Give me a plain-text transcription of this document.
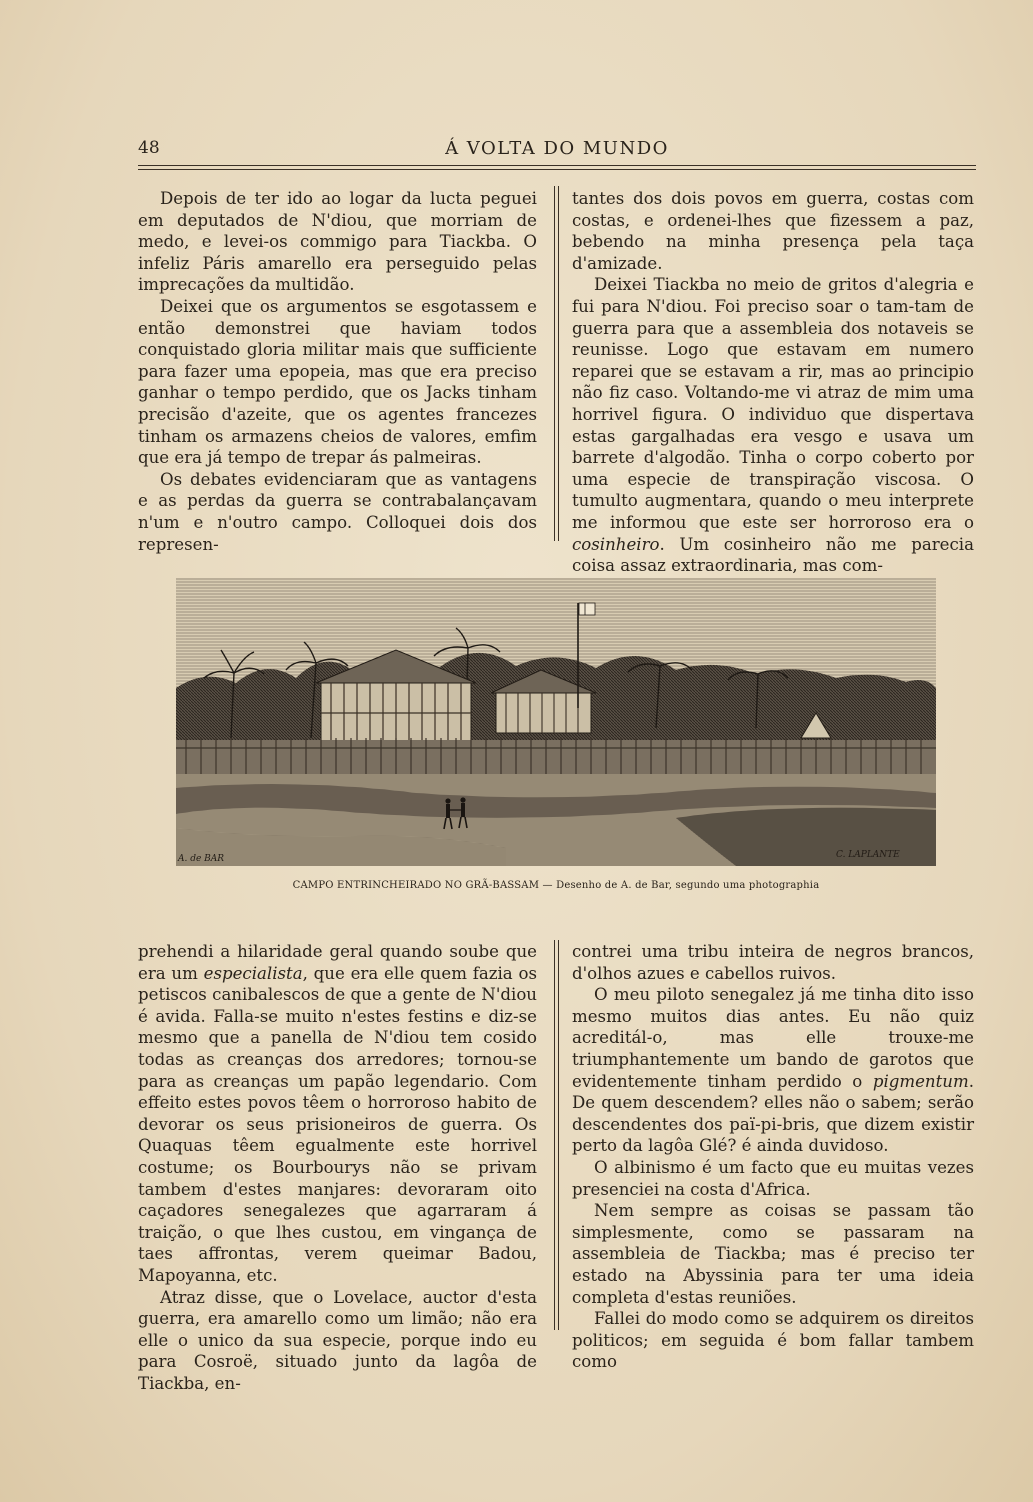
48	Á VOLTA DO MUNDO

Depois de ter ido ao logar da lucta peguei em deputados de N'diou, que morriam de medo, e levei-os commigo para Tiackba. O infeliz Páris amarello era perseguido pelas imprecações da multidão.

Deixei que os argumentos se esgotassem e então demonstrei que haviam todos conquistado gloria militar mais que sufficiente para fazer uma epopeia, mas que era preciso ganhar o tempo perdido, que os Jacks tinham precisão d'azeite, que os agentes francezes tinham os armazens cheios de valores, emfim que era já tempo de trepar ás palmeiras.

Os debates evidenciaram que as vantagens e as perdas da guerra se contrabalançavam n'um e n'outro campo. Colloquei dois dos represen-

tantes dos dois povos em guerra, costas com costas, e ordenei-lhes que fizessem a paz, bebendo na minha presença pela taça d'amizade.

Deixei Tiackba no meio de gritos d'alegria e fui para N'diou. Foi preciso soar o tam-tam de guerra para que a assembleia dos notaveis se reunisse. Logo que estavam em numero reparei que se estavam a rir, mas ao principio não fiz caso. Voltando-me vi atraz de mim uma horrivel figura. O individuo que dispertava estas gargalhadas era vesgo e usava um barrete d'algodão. Tinha o corpo coberto por uma especie de transpiração viscosa. O tumulto augmentara, quando o meu interprete me informou que este ser horroroso era o cosinheiro. Um cosinheiro não me parecia coisa assaz extraordinaria, mas com-

A. de BAR	C. LAPLANTE
CAMPO ENTRINCHEIRADO NO GRÃ-BASSAM — Desenho de A. de Bar, segundo uma photographia

prehendi a hilaridade geral quando soube que era um especialista, que era elle quem fazia os petiscos canibalescos de que a gente de N'diou é avida. Falla-se muito n'estes festins e diz-se mesmo que a panella de N'diou tem cosido todas as creanças dos arredores; tornou-se para as creanças um papão legendario. Com effeito estes povos têem o horroroso habito de devorar os seus prisioneiros de guerra. Os Quaquas têem egualmente este horrivel costume; os Bourbourys não se privam tambem d'estes manjares: devoraram oito caçadores senegalezes que agarraram á traição, o que lhes custou, em vingança de taes affrontas, verem queimar Badou, Mapoyanna, etc.

Atraz disse, que o Lovelace, auctor d'esta guerra, era amarello como um limão; não era elle o unico da sua especie, porque indo eu para Cosroë, situado junto da lagôa de Tiackba, en-

contrei uma tribu inteira de negros brancos, d'olhos azues e cabellos ruivos.

O meu piloto senegalez já me tinha dito isso mesmo muitos dias antes. Eu não quiz acreditál-o, mas elle trouxe-me triumphantemente um bando de garotos que evidentemente tinham perdido o pigmentum. De quem descendem? elles não o sabem; serão descendentes dos paï-pi-bris, que dizem existir perto da lagôa Glé? é ainda duvidoso.

O albinismo é um facto que eu muitas vezes presenciei na costa d'Africa.

Nem sempre as coisas se passam tão simplesmente, como se passaram na assembleia de Tiackba; mas é preciso ter estado na Abyssinia para ter uma ideia completa d'estas reuniões.

Fallei do modo como se adquirem os direitos politicos; em seguida é bom fallar tambem como
